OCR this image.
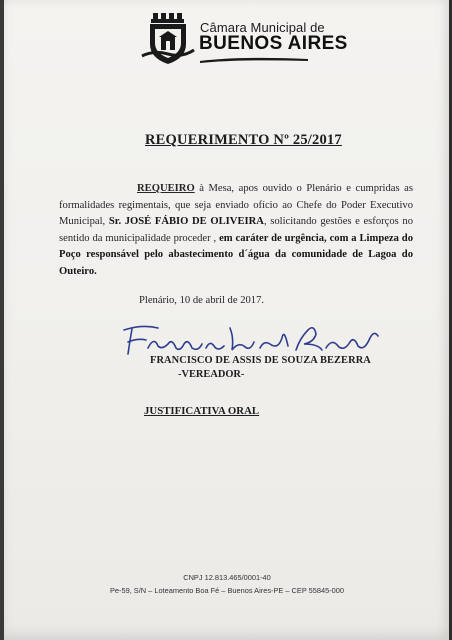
Câmara Municipal de
BUENOS AIRES
REQUERIMENTO Nº 25/2017
REQUEIRO à Mesa, apos ouvido o Plenário e cumpridas as formalidades regimentais, que seja enviado ofício ao Chefe do Poder Executivo Municipal, Sr. JOSÉ FÁBIO DE OLIVEIRA, solicitando gestões e esforços no sentido da municipalidade proceder , em caráter de urgência, com a Limpeza do Poço responsável pelo abastecimento d´água da comunidade de Lagoa do Outeiro.
Plenário, 10 de abril de 2017.
FRANCISCO DE ASSIS DE SOUZA BEZERRA
-VEREADOR-
JUSTIFICATIVA ORAL
CNPJ 12.813.465/0001-40
Pe-59, S/N – Loteamento Boa Fé – Buenos Aires-PE – CEP 55845-000
